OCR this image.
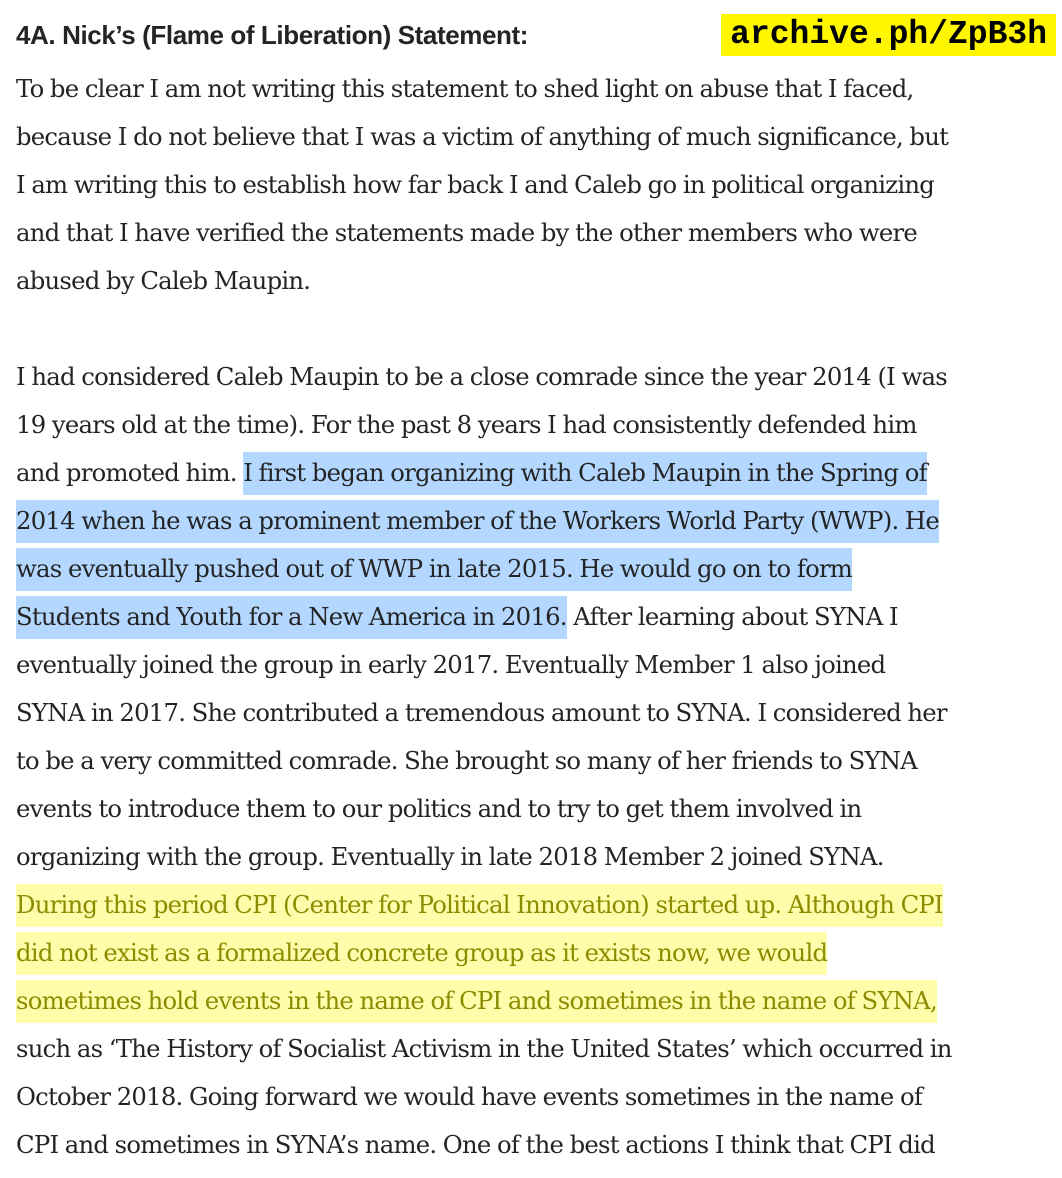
4A. Nick’s (Flame of Liberation) Statement:	archive.ph/ZpB3h

To be clear I am not writing this statement to shed light on abuse that I faced,
because I do not believe that I was a victim of anything of much significance, but
I am writing this to establish how far back I and Caleb go in political organizing
and that I have verified the statements made by the other members who were
abused by Caleb Maupin.

I had considered Caleb Maupin to be a close comrade since the year 2014 (I was
19 years old at the time). For the past 8 years I had consistently defended him
and promoted him. I first began organizing with Caleb Maupin in the Spring of
2014 when he was a prominent member of the Workers World Party (WWP). He
was eventually pushed out of WWP in late 2015. He would go on to form
Students and Youth for a New America in 2016. After learning about SYNA I
eventually joined the group in early 2017. Eventually Member 1 also joined
SYNA in 2017. She contributed a tremendous amount to SYNA. I considered her
to be a very committed comrade. She brought so many of her friends to SYNA
events to introduce them to our politics and to try to get them involved in
organizing with the group. Eventually in late 2018 Member 2 joined SYNA.
During this period CPI (Center for Political Innovation) started up. Although CPI
did not exist as a formalized concrete group as it exists now, we would
sometimes hold events in the name of CPI and sometimes in the name of SYNA,
such as ‘The History of Socialist Activism in the United States’ which occurred in
October 2018. Going forward we would have events sometimes in the name of
CPI and sometimes in SYNA’s name. One of the best actions I think that CPI did
